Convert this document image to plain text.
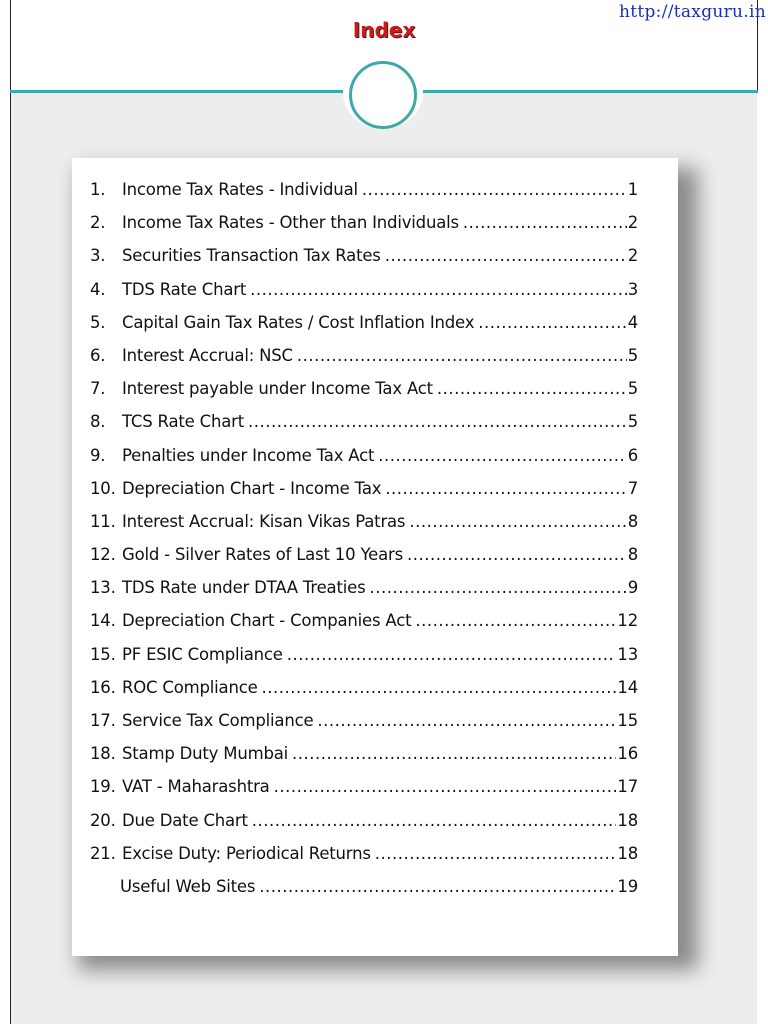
http://taxguru.in
Index
1.	Income Tax Rates - Individual .....	1
2.	Income Tax Rates - Other than Individuals .....	2
3.	Securities Transaction Tax Rates .....	2
4.	TDS Rate Chart .....	3
5.	Capital Gain Tax Rates / Cost Inflation Index .....	4
6.	Interest Accrual: NSC .....	5
7.	Interest payable under Income Tax Act .....	5
8.	TCS Rate Chart .....	5
9.	Penalties under Income Tax Act .....	6
10. Depreciation Chart - Income Tax .....	7
11. Interest Accrual: Kisan Vikas Patras .....	8
12. Gold - Silver Rates of Last 10 Years .....	8
13. TDS Rate under DTAA Treaties .....	9
14. Depreciation Chart - Companies Act .....	12
15. PF ESIC Compliance .....	13
16. ROC Compliance .....	14
17. Service Tax Compliance .....	15
18. Stamp Duty Mumbai .....	16
19. VAT - Maharashtra .....	17
20. Due Date Chart .....	18
21. Excise Duty: Periodical Returns .....	18
Useful Web Sites .....	19
